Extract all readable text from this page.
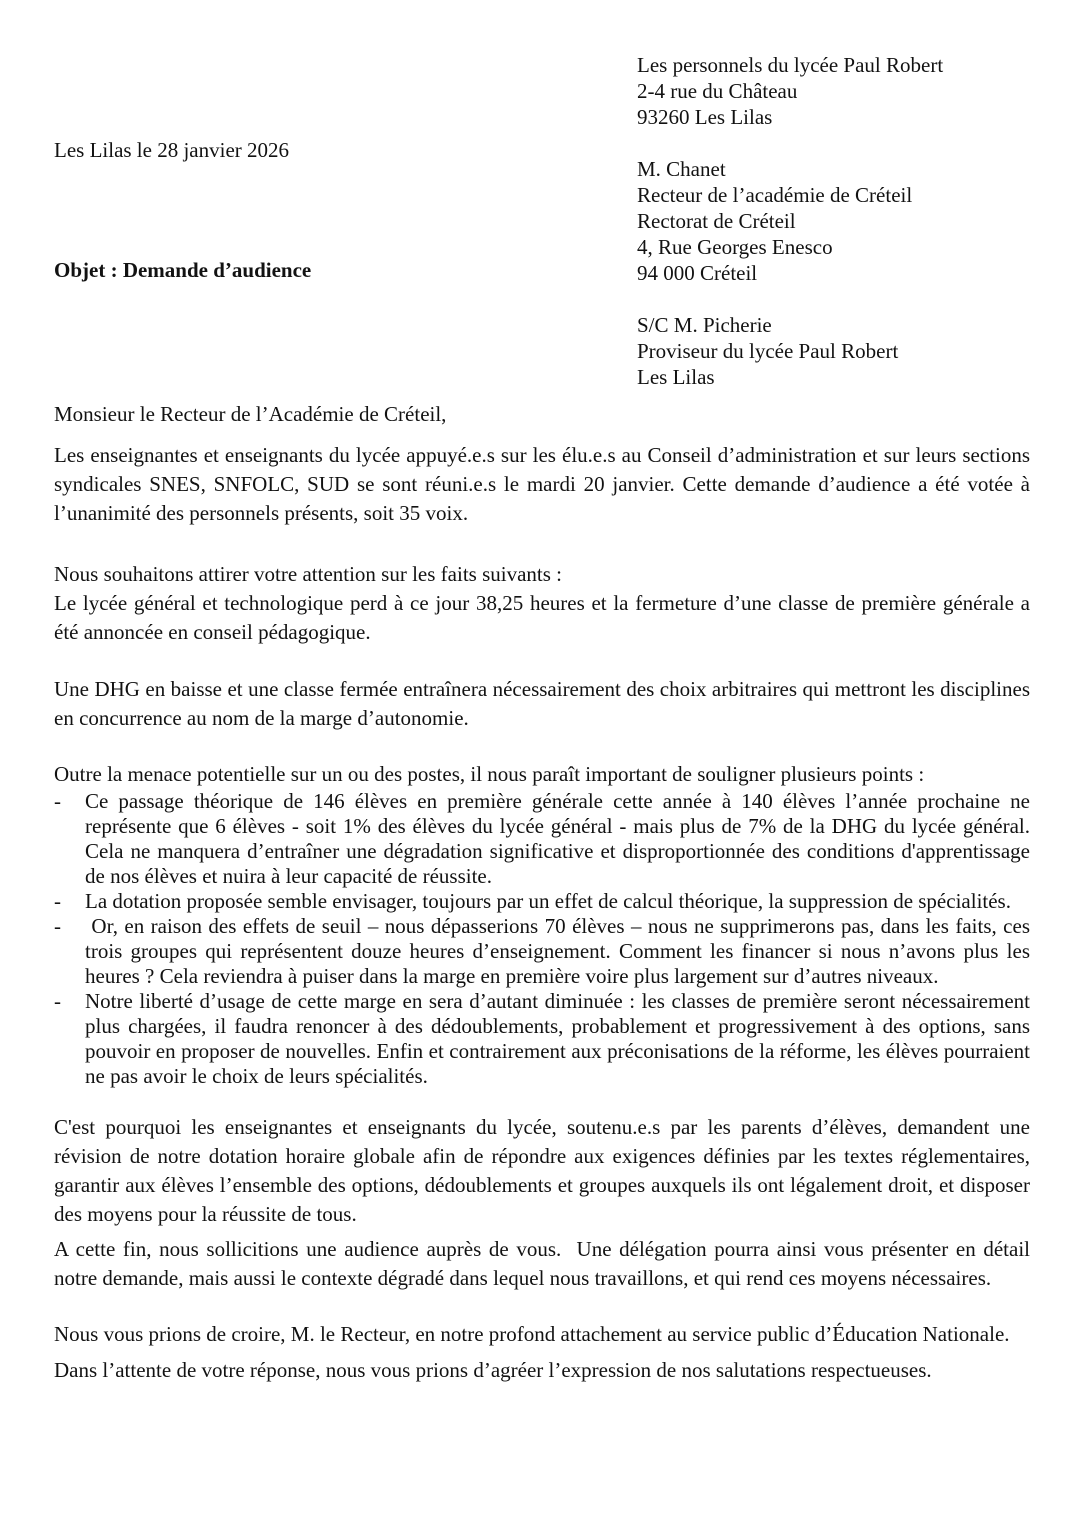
Les personnels du lycée Paul Robert
2-4 rue du Château
93260 Les Lilas
M. Chanet
Recteur de l’académie de Créteil
Rectorat de Créteil
4, Rue Georges Enesco
94 000 Créteil
S/C M. Picherie
Proviseur du lycée Paul Robert
Les Lilas
Les Lilas le 28 janvier 2026
Objet : Demande d’audience

Monsieur le Recteur de l’Académie de Créteil,

Les enseignantes et enseignants du lycée appuyé.e.s sur les élu.e.s au Conseil d’administration et sur leurs sections syndicales SNES, SNFOLC, SUD se sont réuni.e.s le mardi 20 janvier. Cette demande d’audience a été votée à l’unanimité des personnels présents, soit 35 voix.

Nous souhaitons attirer votre attention sur les faits suivants :
Le lycée général et technologique perd à ce jour 38,25 heures et la fermeture d’une classe de première générale a été annoncée en conseil pédagogique.

Une DHG en baisse et une classe fermée entraînera nécessairement des choix arbitraires qui mettront les disciplines en concurrence au nom de la marge d’autonomie.

Outre la menace potentielle sur un ou des postes, il nous paraît important de souligner plusieurs points :

- Ce passage théorique de 146 élèves en première générale cette année à 140 élèves l’année prochaine ne représente que 6 élèves - soit 1% des élèves du lycée général - mais plus de 7% de la DHG du lycée général. Cela ne manquera d’entraîner une dégradation significative et disproportionnée des conditions d'apprentissage de nos élèves et nuira à leur capacité de réussite.
- La dotation proposée semble envisager, toujours par un effet de calcul théorique, la suppression de spécialités.
- Or, en raison des effets de seuil – nous dépasserions 70 élèves – nous ne supprimerons pas, dans les faits, ces trois groupes qui représentent douze heures d’enseignement. Comment les financer si nous n’avons plus les heures ? Cela reviendra à puiser dans la marge en première voire plus largement sur d’autres niveaux.
- Notre liberté d’usage de cette marge en sera d’autant diminuée : les classes de première seront nécessairement plus chargées, il faudra renoncer à des dédoublements, probablement et progressivement à des options, sans pouvoir en proposer de nouvelles. Enfin et contrairement aux préconisations de la réforme, les élèves pourraient ne pas avoir le choix de leurs spécialités.

C'est pourquoi les enseignantes et enseignants du lycée, soutenu.e.s par les parents d’élèves, demandent une révision de notre dotation horaire globale afin de répondre aux exigences définies par les textes réglementaires, garantir aux élèves l’ensemble des options, dédoublements et groupes auxquels ils ont légalement droit, et disposer des moyens pour la réussite de tous.

A cette fin, nous sollicitions une audience auprès de vous.  Une délégation pourra ainsi vous présenter en détail notre demande, mais aussi le contexte dégradé dans lequel nous travaillons, et qui rend ces moyens nécessaires.

Nous vous prions de croire, M. le Recteur, en notre profond attachement au service public d’Éducation Nationale.

Dans l’attente de votre réponse, nous vous prions d’agréer l’expression de nos salutations respectueuses.
